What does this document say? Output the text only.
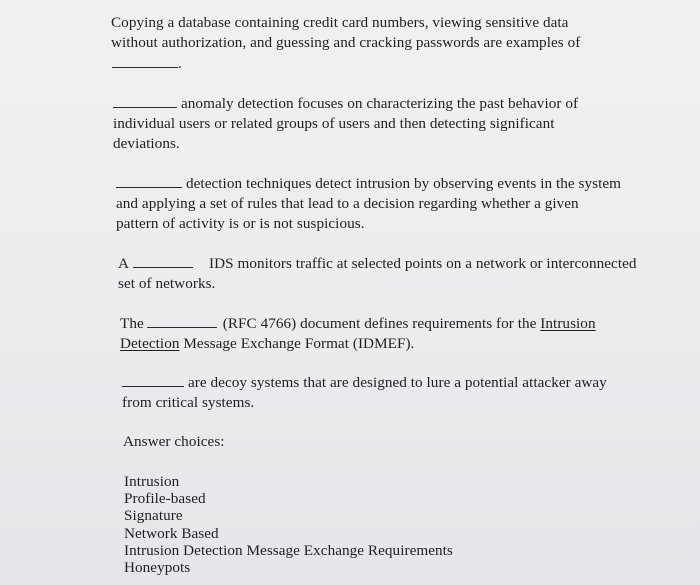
Copying a database containing credit card numbers, viewing sensitive data
without authorization, and guessing and cracking passwords are examples of
.
anomaly detection focuses on characterizing the past behavior of
individual users or related groups of users and then detecting significant
deviations.
detection techniques detect intrusion by observing events in the system
and applying a set of rules that lead to a decision regarding whether a given
pattern of activity is or is not suspicious.
A	IDS monitors traffic at selected points on a network or interconnected
set of networks.
The	(RFC 4766) document defines requirements for the Intrusion
Detection Message Exchange Format (IDMEF).
are decoy systems that are designed to lure a potential attacker away
from critical systems.
Answer choices:
Intrusion
Profile-based
Signature
Network Based
Intrusion Detection Message Exchange Requirements
Honeypots
